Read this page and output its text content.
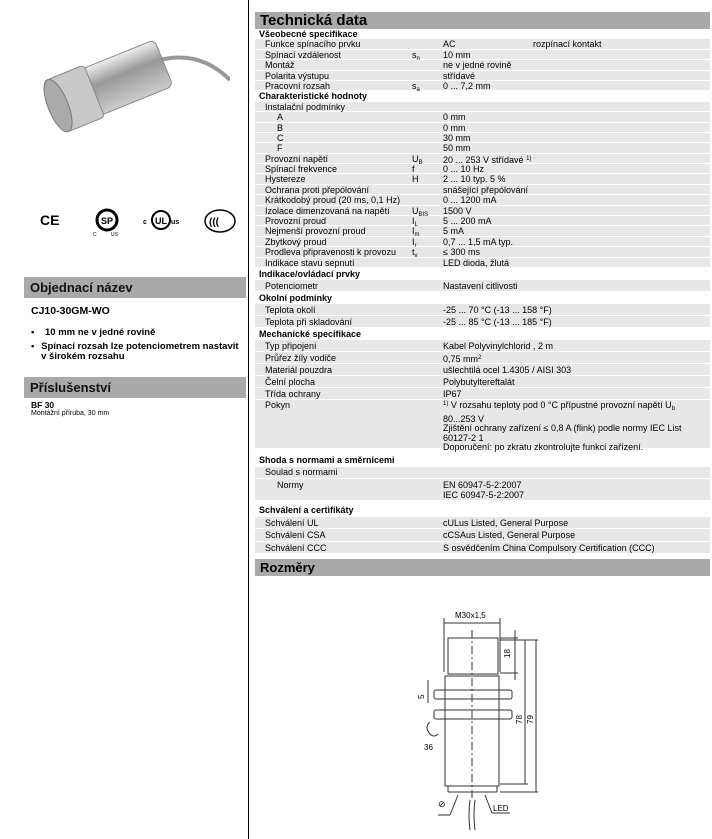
CE	SP
C	US
c UL us	(((
Objednací název
CJ10-30GM-WO
•	10 mm ne v jedné rovině
• Spínací rozsah lze potenciometrem nastavit v širokém rozsahu
Příslušenství
BF 30
Montážní příruba, 30 mm
Technická data
Všeobecné specifikace
Funkce spínacího prvku	AC	rozpínací kontakt
Spínací vzdálenost	$s_n$	10 mm
Montáž	ne v jedné rovině
Polarita výstupu	střídavé
Pracovní rozsah	$s_a$	0 ... 7,2 mm
Charakteristické hodnoty
Instalační podmínky
A	0 mm
B	0 mm
C	30 mm
F	50 mm
Provozní napětí	$U_B$	20 ... 253 V střídavé $^{1)}$
Spínací frekvence	f	0 ... 10 Hz
Hystereze	H	2 ... 10 typ. 5 %
Ochrana proti přepólování	snášející přepólování
Krátkodobý proud (20 ms, 0,1 Hz)	0 ... 1200 mA
Izolace dimenzovaná na napětí	$U_{BIS}$	1500 V
Provozní proud	$I_L$	5 ... 200 mA
Nejmenší provozní proud	$I_m$	5 mA
Zbytkový proud	$I_r$	0,7 ... 1,5 mA typ.
Prodleva připravenosti k provozu	$t_v$	≤ 300 ms
Indikace stavu sepnutí	LED dioda, žlutá
Indikace/ovládací prvky
Potenciometr	Nastavení citlivosti
Okolní podmínky
Teplota okolí	-25 ... 70 °C (-13 ... 158 °F)
Teplota při skladování	-25 ... 85 °C (-13 ... 185 °F)
Mechanické specifikace
Typ připojení	Kabel Polyvinylchlorid , 2 m
Průřez žíly vodiče	0,75 $mm^2$
Materiál pouzdra	ušlechtilá ocel 1.4305 / AISI 303
Čelní plocha	Polybutyltereftalát
Třída ochrany	IP67
Pokyn	$^{1)}$ V rozsahu teploty pod 0 °C přípustné provozní napětí $U_b$
80...253 V
Zjištění ochrany zařízení ≤ 0,8 A (flink) podle normy IEC List
60127-2 1
Doporučení: po zkratu zkontrolujte funkci zařízení.
Shoda s normami a směrnicemi
Soulad s normami
Normy	EN 60947-5-2:2007
IEC 60947-5-2:2007
Schválení a certifikáty
Schválení UL	cULus Listed, General Purpose
Schválení CSA	cCSAus Listed, General Purpose
Schválení CCC	S osvědčením China Compulsory Certification (CCC)
Rozměry
M30x1,5
18
5
78 79
36
LED
⊘
